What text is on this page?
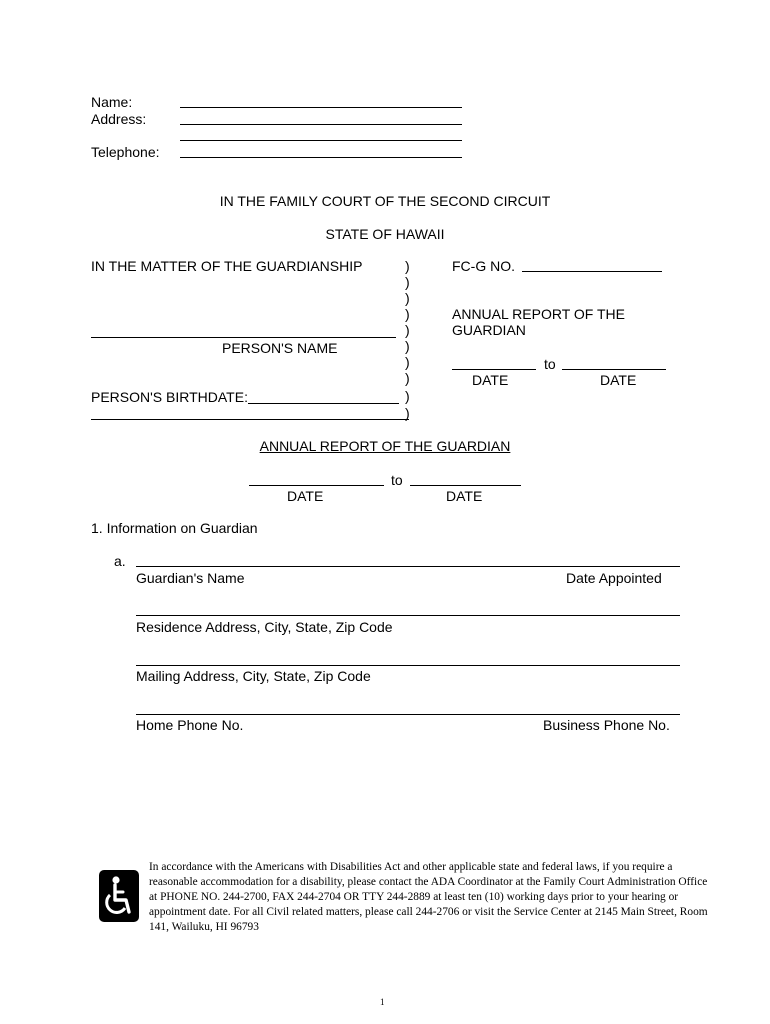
Name:
Address:
Telephone:
IN THE FAMILY COURT OF THE SECOND CIRCUIT
STATE OF HAWAII
IN THE MATTER OF THE GUARDIANSHIP
PERSON'S NAME
PERSON'S BIRTHDATE:
)
)
)
)
)
)
)
)
)
)
FC-G NO.
ANNUAL REPORT OF THE
GUARDIAN
to
DATE	DATE
ANNUAL REPORT OF THE GUARDIAN
to
DATE	DATE
1. Information on Guardian
a.
Guardian's Name	Date Appointed
Residence Address, City, State, Zip Code
Mailing Address, City, State, Zip Code
Home Phone No.	Business Phone No.
In accordance with the Americans with Disabilities Act and other applicable state and federal laws, if you require a reasonable accommodation for a disability, please contact the ADA Coordinator at the Family Court Administration Office at PHONE NO. 244-2700, FAX 244-2704 OR TTY 244-2889 at least ten (10) working days prior to your hearing or appointment date. For all Civil related matters, please call 244-2706 or visit the Service Center at 2145 Main Street, Room 141, Wailuku, HI 96793
1
